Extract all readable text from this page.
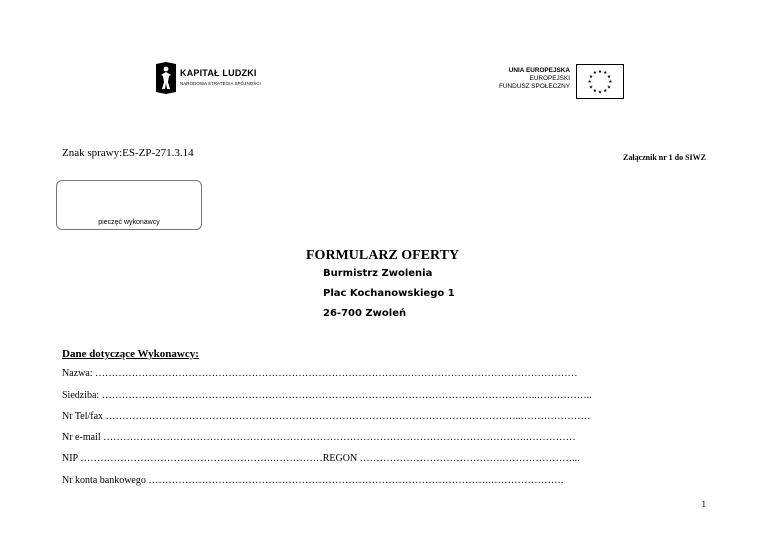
KAPITAŁ LUDZKI
NARODOWA STRATEGIA SPÓJNOŚCI
UNIA EUROPEJSKA
EUROPEJSKI
FUNDUSZ SPOŁECZNY
★ ★
★
★
★
★
★
★
★
★
★
★
Znak sprawy:ES-ZP-271.3.14	Załącznik nr 1 do SIWZ
pieczęć wykonawcy
FORMULARZ OFERTY
Burmistrz Zwolenia
Plac Kochanowskiego 1
26-700 Zwoleń
Dane dotyczące Wykonawcy:
Nazwa: ………………………………………………………………………………….……………………………………………
Siedziba: …………………………………………………………………………………………………………………..……………..
Nr Tel/fax ……………………………………………………………………………………………………………..…………………
Nr e-mail ……………………………………………………………………………………………………………….……………
NIP ………………………………………………….……………REGON …………………………………….…………………...
Nr konta bankowego ………………………………………………………………………………………….………………….
1
